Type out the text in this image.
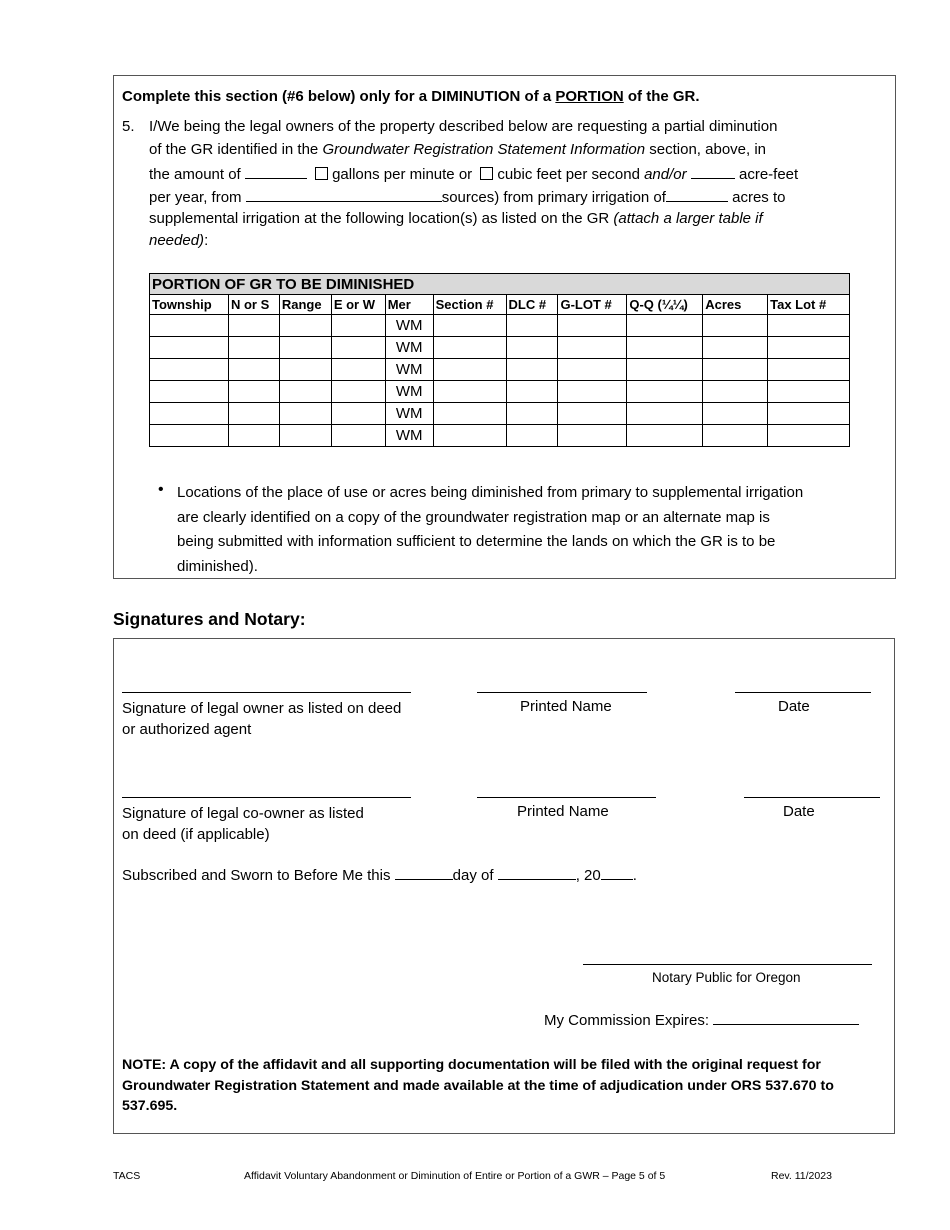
Complete this section (#6 below) only for a DIMINUTION of a PORTION of the GR.
5. I/We being the legal owners of the property described below are requesting a partial diminution
of the GR identified in the Groundwater Registration Statement Information section, above, in
the amount of	gallons per minute or cubic feet per second and/or	acre-feet
per year, from	sources) from primary irrigation of	acres to
supplemental irrigation at the following location(s) as listed on the GR (attach a larger table if
needed):
PORTION OF GR TO BE DIMINISHED										
Township	N or S	Range	E or W	Mer	Section #	DLC #	G-LOT #	Q-Q (¼¼)	Acres	Tax Lot #
				WM						
				WM						
				WM						
				WM						
				WM						
				WM						
• Locations of the place of use or acres being diminished from primary to supplemental irrigation
are clearly identified on a copy of the groundwater registration map or an alternate map is
being submitted with information sufficient to determine the lands on which the GR is to be
diminished).
Signatures and Notary:
Signature of legal owner as listed on deed
or authorized agent
Printed Name	Date
Signature of legal co-owner as listed
on deed (if applicable)
Printed Name	Date
Subscribed and Sworn to Before Me this	day of	, 20 .
Notary Public for Oregon
My Commission Expires:
NOTE: A copy of the affidavit and all supporting documentation will be filed with the original request for
Groundwater Registration Statement and made available at the time of adjudication under ORS 537.670 to
537.695.
TACS	Affidavit Voluntary Abandonment or Diminution of Entire or Portion of a GWR – Page 5 of 5	Rev. 11/2023
